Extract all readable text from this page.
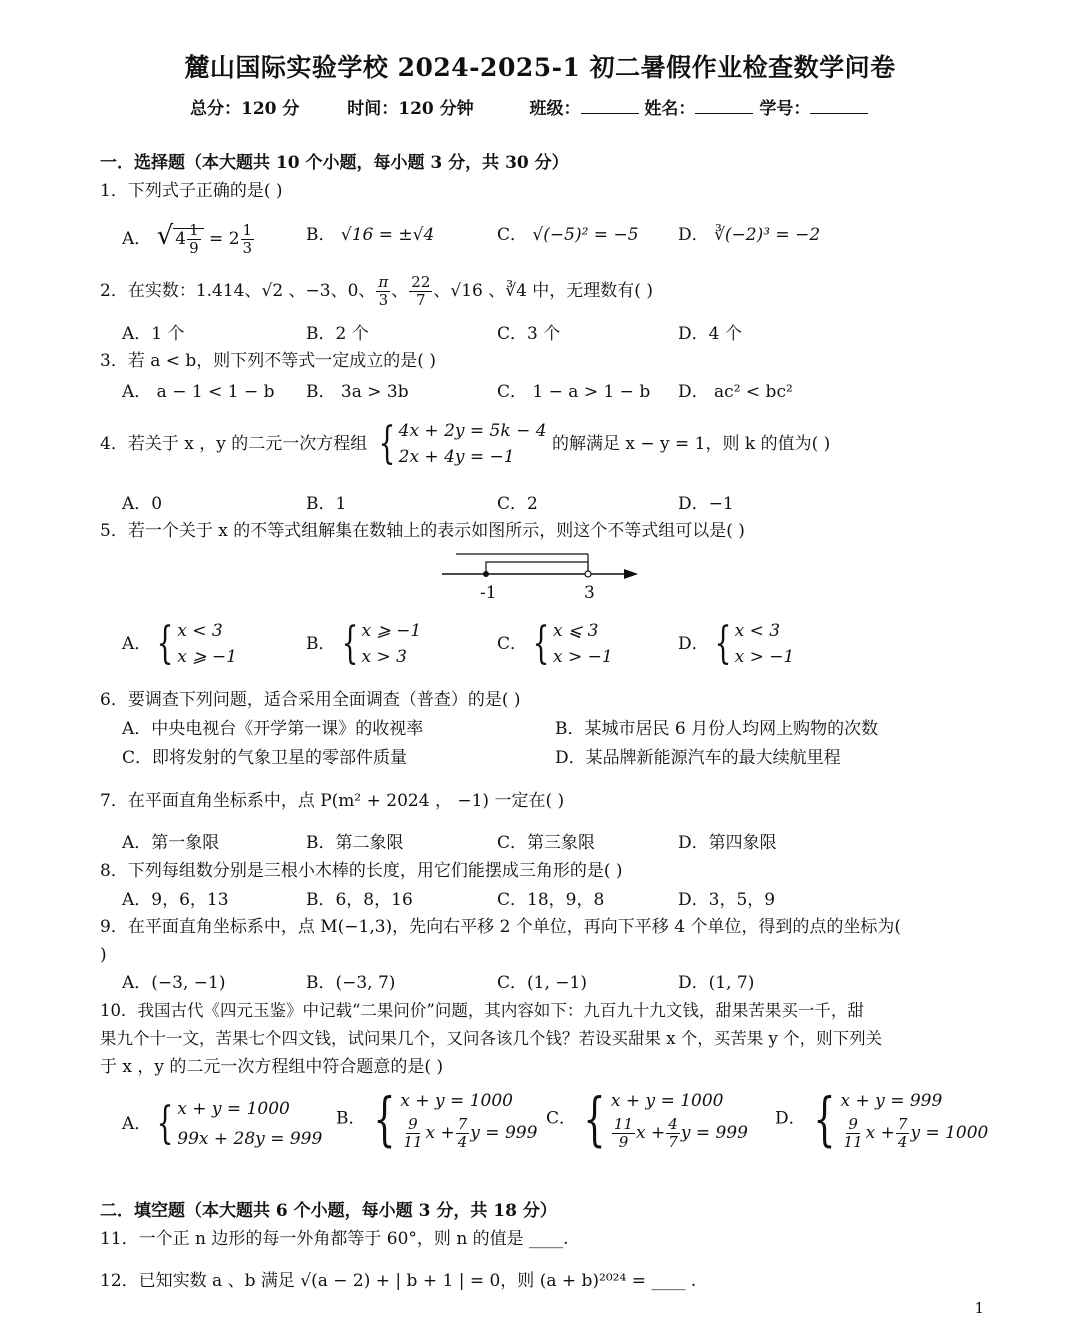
麓山国际实验学校 2024-2025-1 初二暑假作业检查数学问卷
总分：120 分	时间：120 分钟	班级：	姓名：	学号：
一．选择题（本大题共 10 个小题，每小题 3 分，共 30 分）
1．下列式子正确的是( )
A． √ $4 \frac{1}{9} = 2 \frac{1}{3}$	B． √16 = ±√4	C． √(−5)² = −5 D． ∛(−2)³ = −2
2．在实数：1.414、√2 、−3、0、 $\frac{\pi}{3}$ 、 $\frac{22}{7}$ 、√16 、∛4 中，无理数有( )
A．1 个	B．2 个	C．3 个	D．4 个
3．若 a < b，则下列不等式一定成立的是( )
A． a − 1 < 1 − b B． 3a > 3b	C． 1 − a > 1 − b D． ac² < bc²
4．若关于 x ，y 的二元一次方程组 { 4x + 2y = 5k − 4
2x + 4y = −1
的解满足 x − y = 1，则 k 的值为( )
A．0	B．1	C．2	D．−1
5．若一个关于 x 的不等式组解集在数轴上的表示如图所示，则这个不等式组可以是( )
-1	3
A． { x < 3
x ⩾ −1
B． { x ⩾ −1
x > 3
C． { x ⩽ 3
x > −1
D． { x < 3
x > −1
6．要调查下列问题，适合采用全面调查（普查）的是( )
A．中央电视台《开学第一课》的收视率	B．某城市居民 6 月份人均网上购物的次数
C．即将发射的气象卫星的零部件质量	D．某品牌新能源汽车的最大续航里程
7．在平面直角坐标系中，点 P(m² + 2024 ， −1) 一定在( )
A．第一象限	B．第二象限	C．第三象限	D．第四象限
8．下列每组数分别是三根小木棒的长度，用它们能摆成三角形的是( )
A．9，6，13	B．6，8，16	C．18，9，8	D．3，5，9
9．在平面直角坐标系中，点 M(−1,3)，先向右平移 2 个单位，再向下平移 4 个单位，得到的点的坐标为(
)
A．(−3, −1)	B．(−3, 7)	C．(1, −1)	D．(1, 7)
10．我国古代《四元玉鉴》中记载“二果问价”问题，其内容如下：九百九十九文钱，甜果苦果买一千，甜
果九个十一文，苦果七个四文钱，试问果几个，又问各该几个钱？若设买甜果 x 个，买苦果 y 个，则下列关
于 x ，y 的二元一次方程组中符合题意的是( )
A． { x + y = 1000
99x + 28y = 999
B． { x + y = 1000
$\frac{9}{11}$ $x + \frac{7}{4}$ y = 999
C． { x + y = 1000
$\frac{11}{9}$ $x + \frac{4}{7}$ y = 999
D． { x + y = 999
$\frac{9}{11}$ $x + \frac{7}{4}$ y = 1000
二．填空题（本大题共 6 个小题，每小题 3 分，共 18 分）
11．一个正 n 边形的每一外角都等于 60°，则 n 的值是 ____.
12．已知实数 a 、b 满足 √(a − 2) + | b + 1 | = 0，则 (a + b)²⁰²⁴ = ____ .
1
